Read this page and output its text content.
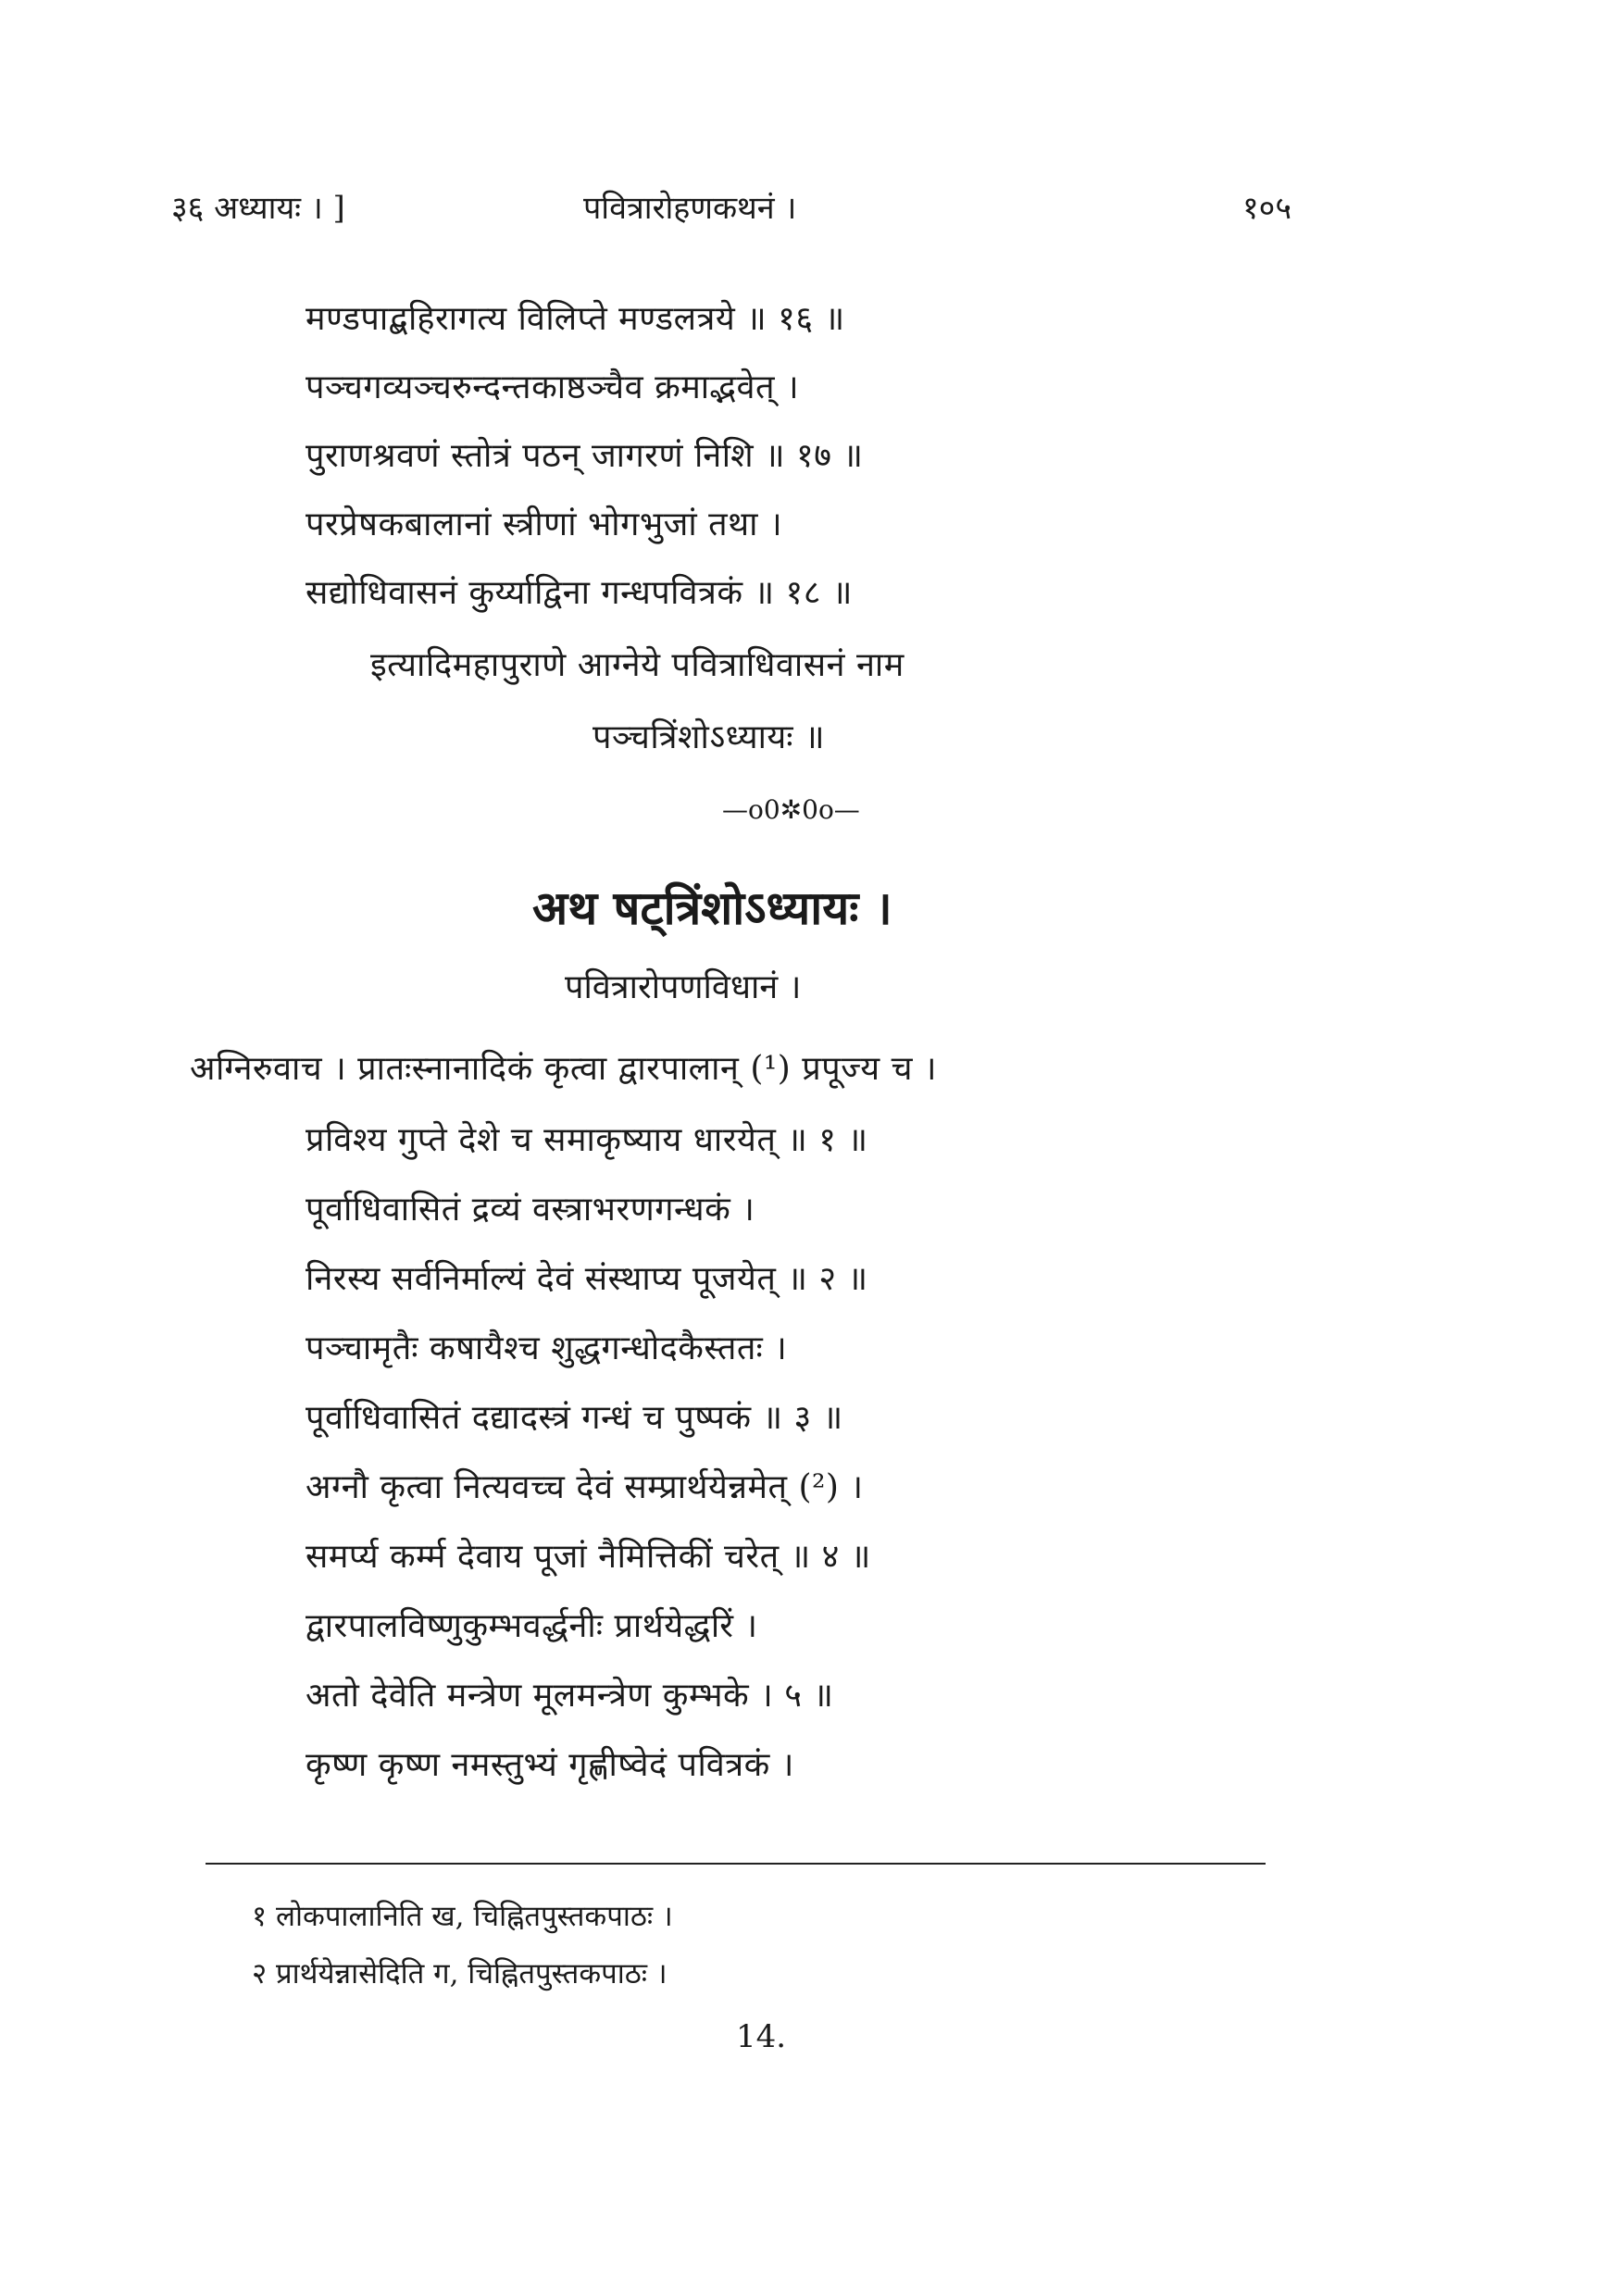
३६ अध्यायः । ]	पवित्रारोहणकथनं ।	१०५
मण्डपाद्बहिरागत्य विलिप्ते मण्डलत्रये ॥ १६ ॥
पञ्चगव्यञ्चरुन्दन्तकाष्ठञ्चैव क्रमाद्भवेत् ।
पुराणश्रवणं स्तोत्रं पठन् जागरणं निशि ॥ १७ ॥
परप्रेषकबालानां स्त्रीणां भोगभुजां तथा ।
सद्योधिवासनं कुर्य्याद्विना गन्धपवित्रकं ॥ १८ ॥
इत्यादिमहापुराणे आग्नेये पवित्राधिवासनं नाम
पञ्चत्रिंशोऽध्यायः ॥
—o0✲0o—
अथ षट्त्रिंशोऽध्यायः ।
पवित्रारोपणविधानं ।
अग्निरुवाच । प्रातःस्नानादिकं कृत्वा द्वारपालान् (¹) प्रपूज्य च ।
प्रविश्य गुप्ते देशे च समाकृष्याय धारयेत् ॥ १ ॥
पूर्वाधिवासितं द्रव्यं वस्त्राभरणगन्धकं ।
निरस्य सर्वनिर्माल्यं देवं संस्थाप्य पूजयेत् ॥ २ ॥
पञ्चामृतैः कषायैश्च शुद्धगन्धोदकैस्ततः ।
पूर्वाधिवासितं दद्यादस्त्रं गन्धं च पुष्पकं ॥ ३ ॥
अग्नौ कृत्वा नित्यवच्च देवं सम्प्रार्थयेन्नमेत् (²) ।
समर्प्य कर्म्म देवाय पूजां नैमित्तिकीं चरेत् ॥ ४ ॥
द्वारपालविष्णुकुम्भवर्द्धनीः प्रार्थयेद्धरिं ।
अतो देवेति मन्त्रेण मूलमन्त्रेण कुम्भके । ५ ॥
कृष्ण कृष्ण नमस्तुभ्यं गृह्णीष्वेदं पवित्रकं ।
१ लोकपालानिति ख, चिह्नितपुस्तकपाठः ।
२ प्रार्थयेन्नासेदिति ग, चिह्नितपुस्तकपाठः ।
14.
